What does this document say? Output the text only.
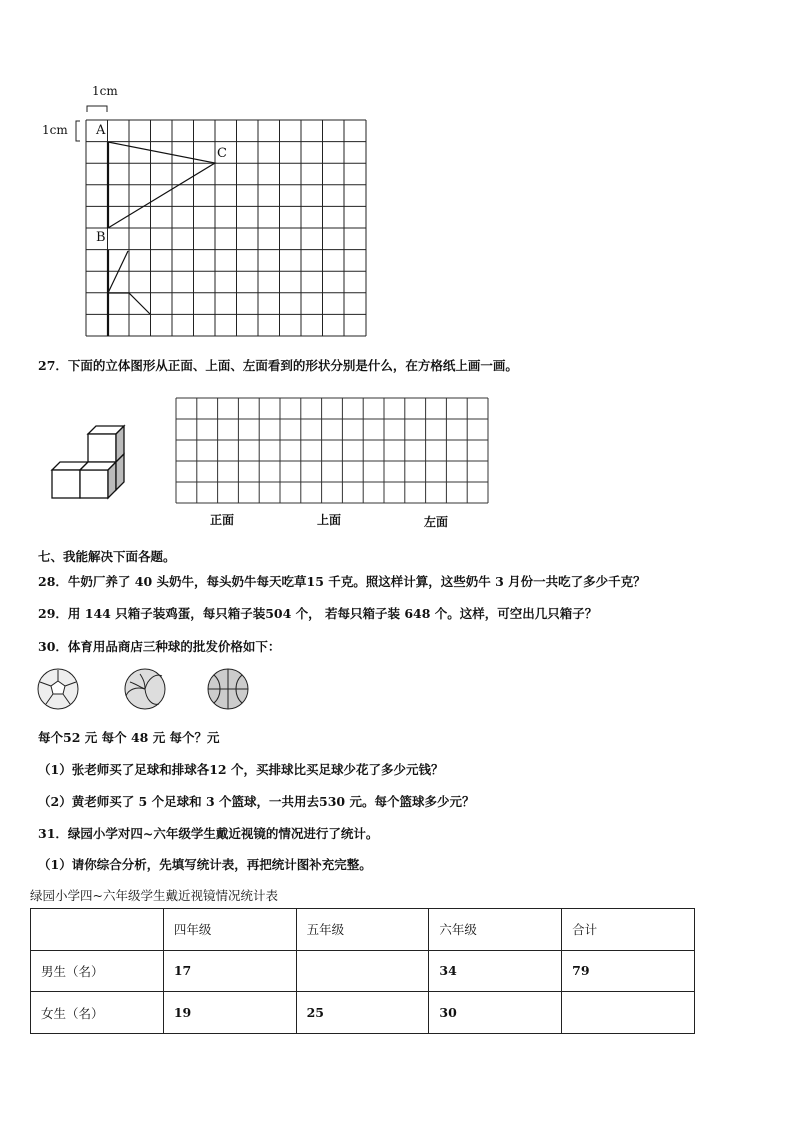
1cm
1cm A
B
C
27．下面的立体图形从正面、上面、左面看到的形状分别是什么，在方格纸上画一画。
正面	上面	左面
七、我能解决下面各题。
28．牛奶厂养了 40 头奶牛，每头奶牛每天吃草15 千克。照这样计算，这些奶牛 3 月份一共吃了多少千克？
29．用 144 只箱子装鸡蛋，每只箱子装504 个， 若每只箱子装 648 个。这样，可空出几只箱子？
30．体育用品商店三种球的批发价格如下：
每个52 元 每个 48 元 每个？元
（1）张老师买了足球和排球各12 个，买排球比买足球少花了多少元钱？
（2）黄老师买了 5 个足球和 3 个篮球，一共用去530 元。每个篮球多少元？
31．绿园小学对四~六年级学生戴近视镜的情况进行了统计。
（1）请你综合分析，先填写统计表，再把统计图补充完整。
绿园小学四~六年级学生戴近视镜情况统计表
	四年级	五年级	六年级	合计
男生（名）	17		34	79
女生（名）	19	25	30	
